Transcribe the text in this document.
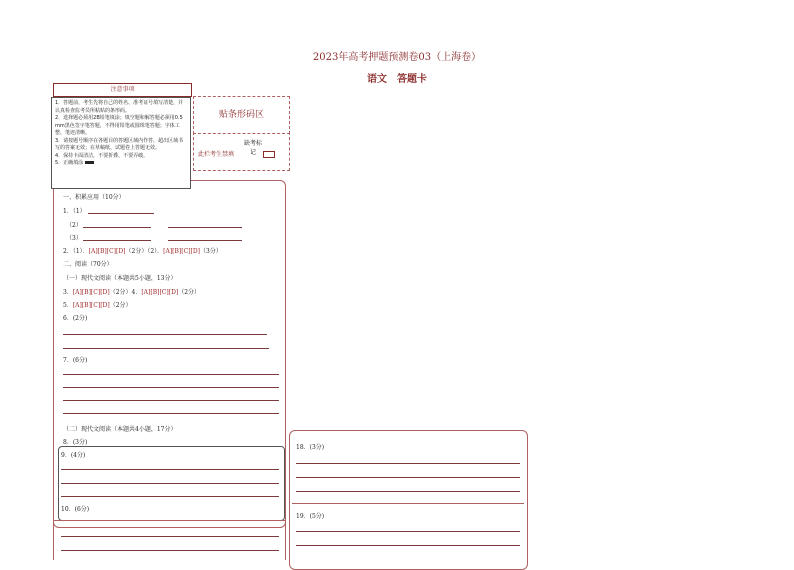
2023年高考押题预测卷03（上海卷）
语文　答题卡
注意事项
1．答题前，考生先将自己的姓名、准考证号填写清楚，并认真检查监考员所粘贴的条形码。
2．选择题必须用2B铅笔填涂；填空题和解答题必须用0.5 mm黑色签字笔答题，不得用铅笔或圆珠笔答题；字体工整、笔迹清晰。
3．请按题号顺序在各题目的答题区域内作答，超出区域书写的答案无效；在草稿纸、试题卷上答题无效。
4．保持卡面清洁，不要折叠、不要弄破。
5．正确填涂
贴条形码区
此栏考生禁填
缺考标记
一、积累应用（10分）
1．（1）
（2）
（3）
2．（1）．[A][B][C][D]（2分）（2）．[A][B][C][D]（3分）
二、阅读（70分）
（一）现代文阅读（本题共5小题，13分）
3．[A][B][C][D]（2分）4．[A][B][C][D]（2分）
5．[A][B][C][D]（2分）
6．(2分)
7．(6分)
（二）现代文阅读（本题共4小题，17分）
8．(3分)
9．(4分)
10．(6分)
18．(3分)
19．(5分)
